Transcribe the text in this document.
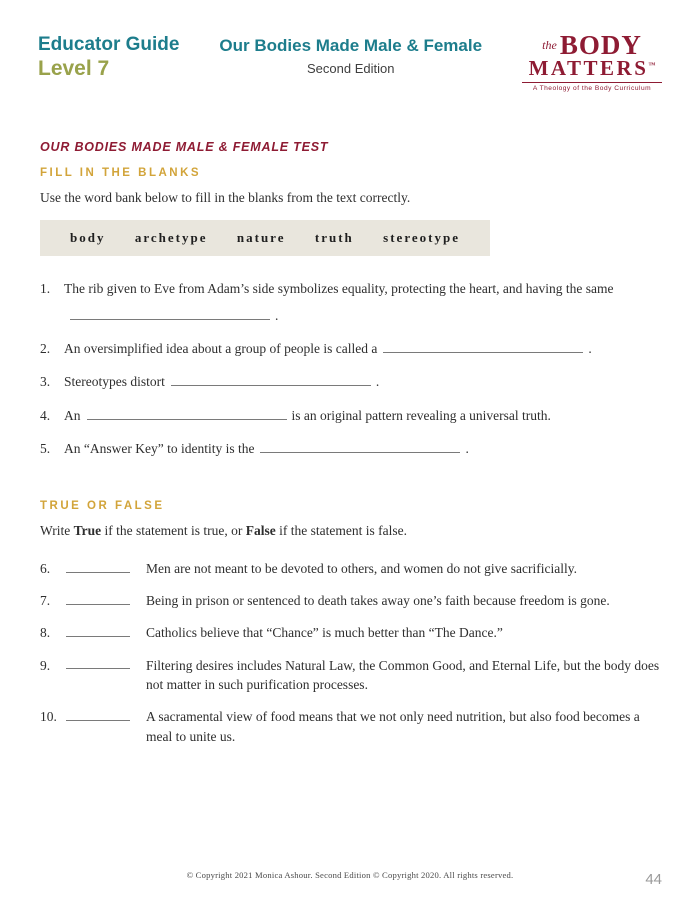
Educator Guide
Level 7
Our Bodies Made Male & Female
Second Edition
the BODY
MATTERS™
A Theology of the Body Curriculum
OUR BODIES MADE MALE & FEMALE TEST
FILL IN THE BLANKS
Use the word bank below to fill in the blanks from the text correctly.
body archetype nature truth stereotype
1.	The rib given to Eve from Adam’s side symbolizes equality, protecting the heart, and having the same.
2.	An oversimplified idea about a group of people is called a	.
3.	Stereotypes distort	.
4.	An	is an original pattern revealing a universal truth.
5.	An “Answer Key” to identity is the	.
TRUE OR FALSE
Write True if the statement is true, or False if the statement is false.
6.	Men are not meant to be devoted to others, and women do not give sacrificially.
7.	Being in prison or sentenced to death takes away one’s faith because freedom is gone.
8.	Catholics believe that “Chance” is much better than “The Dance.”
9.	Filtering desires includes Natural Law, the Common Good, and Eternal Life, but the body does not matter in such purification processes.
10.	A sacramental view of food means that we not only need nutrition, but also food becomes a meal to unite us.
© Copyright 2021 Monica Ashour. Second Edition © Copyright 2020. All rights reserved.	44
